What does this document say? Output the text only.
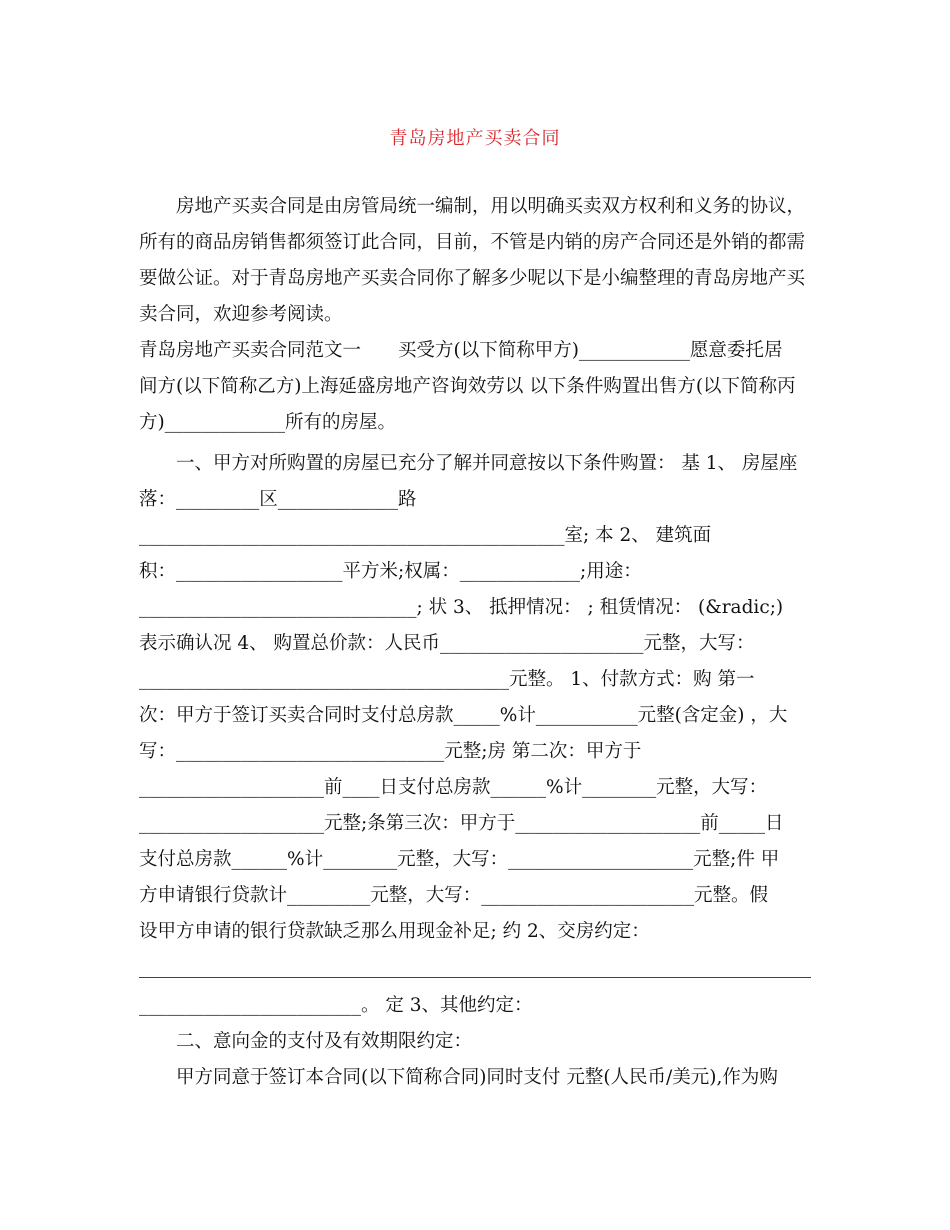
青岛房地产买卖合同
房地产买卖合同是由房管局统一编制，用以明确买卖双方权利和义务的协议，
所有的商品房销售都须签订此合同，目前，不管是内销的房产合同还是外销的都需
要做公证。对于青岛房地产买卖合同你了解多少呢以下是小编整理的青岛房地产买
卖合同，欢迎参考阅读。
青岛房地产买卖合同范文一　　买受方(以下简称甲方)____________愿意委托居
间方(以下简称乙方)上海延盛房地产咨询效劳以 以下条件购置出售方(以下简称丙
方)_____________所有的房屋。
一、甲方对所购置的房屋已充分了解并同意按以下条件购置： 基 1、 房屋座
落：_________区_____________路
______________________________________________室; 本 2、 建筑面
积：__________________平方米;权属：_____________;用途：
______________________________; 状 3、 抵押情况： ; 租赁情况： (&radic;)
表示确认况 4、 购置总价款：人民币______________________元整，大写：
________________________________________元整。 1、付款方式：购 第一
次：甲方于签订买卖合同时支付总房款_____%计___________元整(含定金) ，大
写：_____________________________元整;房 第二次：甲方于
____________________前____日支付总房款______%计________元整，大写：
____________________元整;条第三次：甲方于____________________前_____日
支付总房款______%计________元整，大写：____________________元整;件 甲
方申请银行贷款计_________元整，大写：_______________________元整。假
设甲方申请的银行贷款缺乏那么用现金补足; 约 2、交房约定：
________________________。 定 3、其他约定：
二、意向金的支付及有效期限约定：
甲方同意于签订本合同(以下简称合同)同时支付 元整(人民币/美元),作为购
